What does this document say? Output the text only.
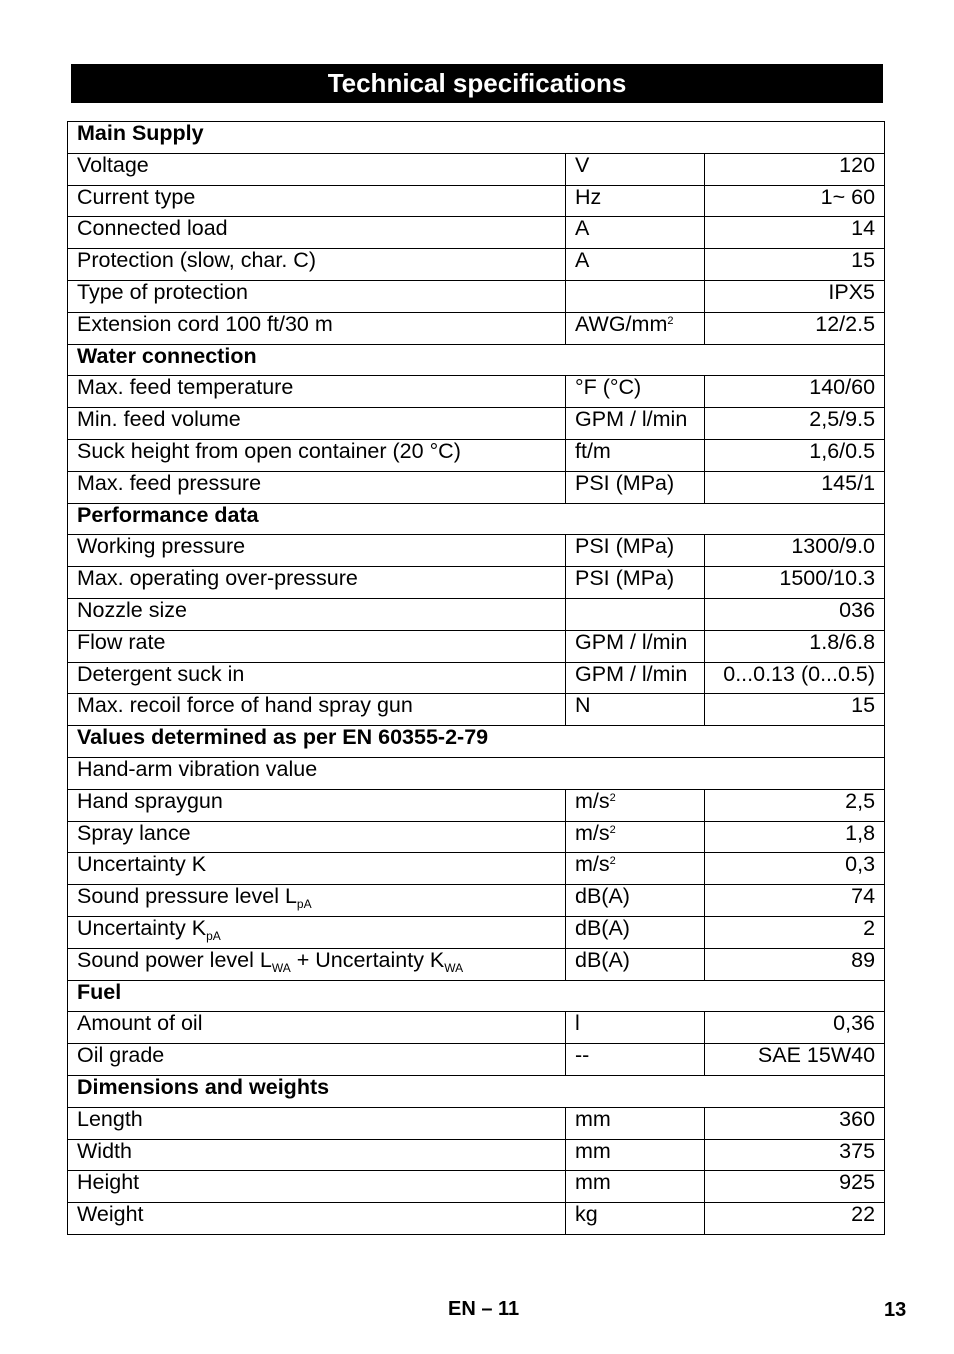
Technical specifications
Main Supply		
Voltage	V	120
Current type	Hz	1~ 60
Connected load	A	14
Protection (slow, char. C)	A	15
Type of protection		IPX5
Extension cord 100 ft/30 m	AWG/$mm^2$	12/2.5
Water connection		
Max. feed temperature	°F (°C)	140/60
Min. feed volume	GPM / l/min	2,5/9.5
Suck height from open container (20 °C)	ft/m	1,6/0.5
Max. feed pressure	PSI (MPa)	145/1
Performance data		
Working pressure	PSI (MPa)	1300/9.0
Max. operating over-pressure	PSI (MPa)	1500/10.3
Nozzle size		036
Flow rate	GPM / l/min	1.8/6.8
Detergent suck in	GPM / l/min	0...0.13 (0...0.5)
Max. recoil force of hand spray gun	N	15
Values determined as per EN 60355-2-79		
Hand-arm vibration value		
Hand spraygun	$m/s^2$	2,5
Spray lance	$m/s^2$	1,8
Uncertainty K	$m/s^2$	0,3
Sound pressure level $L_{pA}$	dB(A)	74
Uncertainty $K_{pA}$	dB(A)	2
Sound power level $L_{WA}$ + Uncertainty $K_{WA}$	dB(A)	89
Fuel		
Amount of oil	l	0,36
Oil grade	--	SAE 15W40
Dimensions and weights		
Length	mm	360
Width	mm	375
Height	mm	925
Weight	kg	22
EN – 11	13
